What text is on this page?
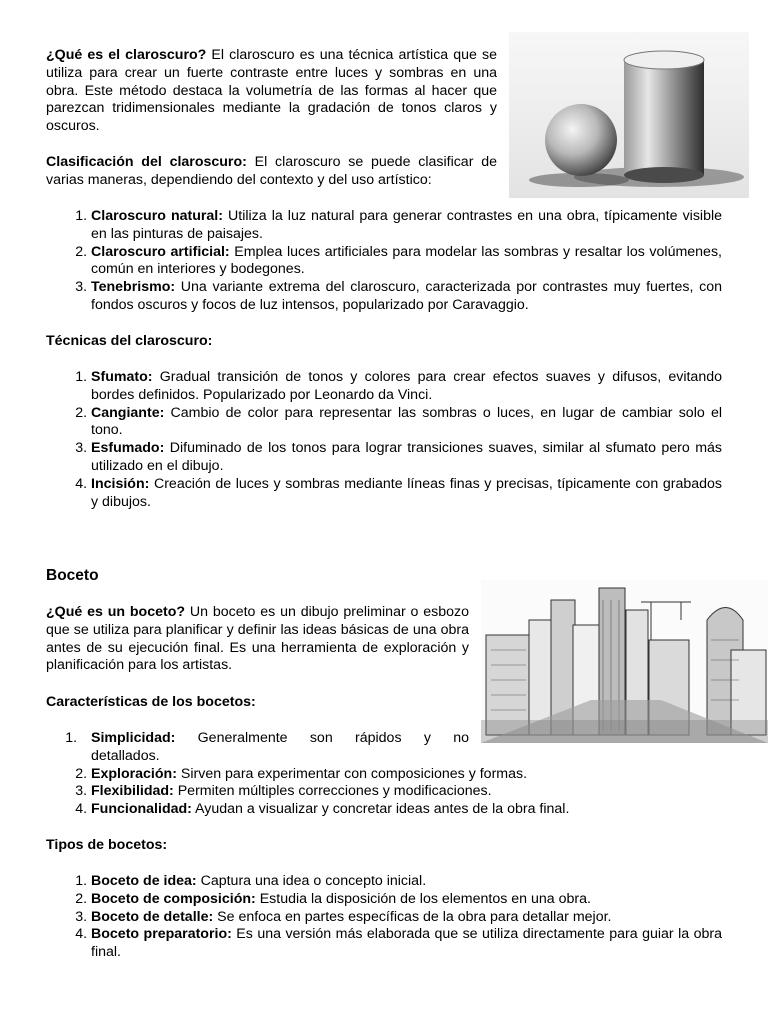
¿Qué es el claroscuro? El claroscuro es una técnica artística que se utiliza para crear un fuerte contraste entre luces y sombras en una obra. Este método destaca la volumetría de las formas al hacer que parezcan tridimensionales mediante la gradación de tonos claros y oscuros.

Clasificación del claroscuro: El claroscuro se puede clasificar de varias maneras, dependiendo del contexto y del uso artístico:

1. Claroscuro natural: Utiliza la luz natural para generar contrastes en una obra, típicamente visible en las pinturas de paisajes.
2. Claroscuro artificial: Emplea luces artificiales para modelar las sombras y resaltar los volúmenes, común en interiores y bodegones.
3. Tenebrismo: Una variante extrema del claroscuro, caracterizada por contrastes muy fuertes, con fondos oscuros y focos de luz intensos, popularizado por Caravaggio.
Técnicas del claroscuro:
1. Sfumato: Gradual transición de tonos y colores para crear efectos suaves y difusos, evitando bordes definidos. Popularizado por Leonardo da Vinci.
2. Cangiante: Cambio de color para representar las sombras o luces, en lugar de cambiar solo el tono.
3. Esfumado: Difuminado de los tonos para lograr transiciones suaves, similar al sfumato pero más utilizado en el dibujo.
4. Incisión: Creación de luces y sombras mediante líneas finas y precisas, típicamente con grabados y dibujos.
Boceto

¿Qué es un boceto? Un boceto es un dibujo preliminar o esbozo que se utiliza para planificar y definir las ideas básicas de una obra antes de su ejecución final. Es una herramienta de exploración y planificación para los artistas.

Características de los bocetos:
1. Simplicidad: Generalmente son rápidos y no detallados.
2. Exploración: Sirven para experimentar con composiciones y formas.
3. Flexibilidad: Permiten múltiples correcciones y modificaciones.
4. Funcionalidad: Ayudan a visualizar y concretar ideas antes de la obra final.
Tipos de bocetos:
1. Boceto de idea: Captura una idea o concepto inicial.
2. Boceto de composición: Estudia la disposición de los elementos en una obra.
3. Boceto de detalle: Se enfoca en partes específicas de la obra para detallar mejor.
4. Boceto preparatorio: Es una versión más elaborada que se utiliza directamente para guiar la obra final.
